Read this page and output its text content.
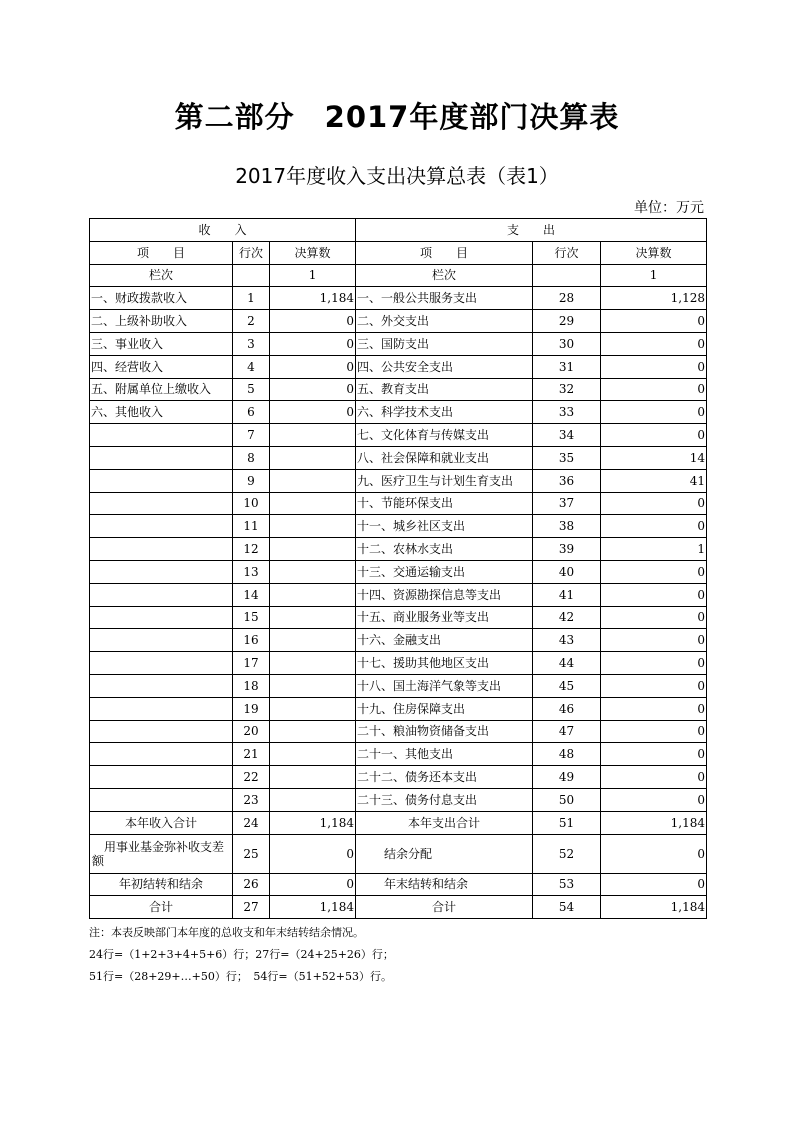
第二部分　2017年度部门决算表
2017年度收入支出决算总表（表1）
单位：万元
收　　入			支　　出		
项　　目	行次	决算数	项　　目	行次	决算数
栏次		1	栏次		1
一、财政拨款收入	1	1,184	一、一般公共服务支出	28	1,128
二、上级补助收入	2	0	二、外交支出	29	0
三、事业收入	3	0	三、国防支出	30	0
四、经营收入	4	0	四、公共安全支出	31	0
五、附属单位上缴收入	5	0	五、教育支出	32	0
六、其他收入	6	0	六、科学技术支出	33	0
	7		七、文化体育与传媒支出	34	0
	8		八、社会保障和就业支出	35	14
	9		九、医疗卫生与计划生育支出	36	41
	10		十、节能环保支出	37	0
	11		十一、城乡社区支出	38	0
	12		十二、农林水支出	39	1
	13		十三、交通运输支出	40	0
	14		十四、资源勘探信息等支出	41	0
	15		十五、商业服务业等支出	42	0
	16		十六、金融支出	43	0
	17		十七、援助其他地区支出	44	0
	18		十八、国土海洋气象等支出	45	0
	19		十九、住房保障支出	46	0
	20		二十、粮油物资储备支出	47	0
	21		二十一、其他支出	48	0
	22		二十二、债务还本支出	49	0
	23		二十三、债务付息支出	50	0
本年收入合计	24	1,184	本年支出合计	51	1,184
用事业基金弥补收支差额	25	0	结余分配	52	0
年初结转和结余	26	0	年末结转和结余	53	0
合计	27	1,184	合计	54	1,184
注：本表反映部门本年度的总收支和年末结转结余情况。
24行=（1+2+3+4+5+6）行；27行=（24+25+26）行；
51行=（28+29+…+50）行；　54行=（51+52+53）行。
